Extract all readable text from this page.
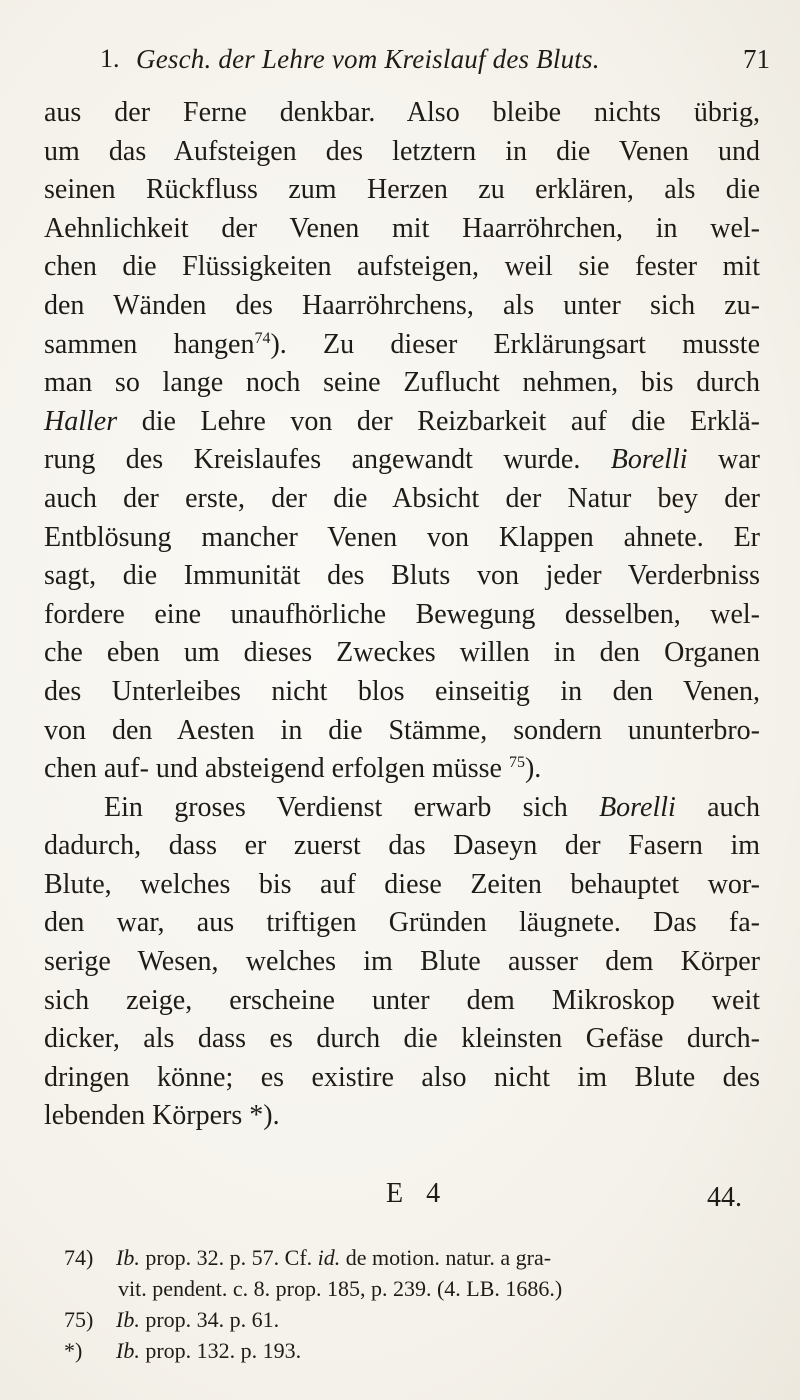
1. Gesch. der Lehre vom Kreislauf des Bluts.	71
aus der Ferne denkbar. Also bleibe nichts übrig,
um das Aufsteigen des letztern in die Venen und
seinen Rückfluss zum Herzen zu erklären, als die
Aehnlichkeit der Venen mit Haarröhrchen, in wel-
chen die Flüssigkeiten aufsteigen, weil sie fester mit
den Wänden des Haarröhrchens, als unter sich zu-
sammen hangen$^{74}$). Zu dieser Erklärungsart musste
man so lange noch seine Zuflucht nehmen, bis durch
Haller die Lehre von der Reizbarkeit auf die Erklä-
rung des Kreislaufes angewandt wurde. Borelli war
auch der erste, der die Absicht der Natur bey der
Entblösung mancher Venen von Klappen ahnete. Er
sagt, die Immunität des Bluts von jeder Verderbniss
fordere eine unaufhörliche Bewegung desselben, wel-
che eben um dieses Zweckes willen in den Organen
des Unterleibes nicht blos einseitig in den Venen,
von den Aesten in die Stämme, sondern ununterbro-
chen auf- und absteigend erfolgen müsse $^{75}$).
Ein groses Verdienst erwarb sich Borelli auch
dadurch, dass er zuerst das Daseyn der Fasern im
Blute, welches bis auf diese Zeiten behauptet wor-
den war, aus triftigen Gründen läugnete. Das fa-
serige Wesen, welches im Blute ausser dem Körper
sich zeige, erscheine unter dem Mikroskop weit
dicker, als dass es durch die kleinsten Gefäse durch-
dringen könne; es existire also nicht im Blute des
lebenden Körpers *).
E 4	44.
74) Ib. prop. 32. p. 57. Cf. id. de motion. natur. a gra-
vit. pendent. c. 8. prop. 185, p. 239. (4. LB. 1686.)
75) Ib. prop. 34. p. 61.
*) Ib. prop. 132. p. 193.
